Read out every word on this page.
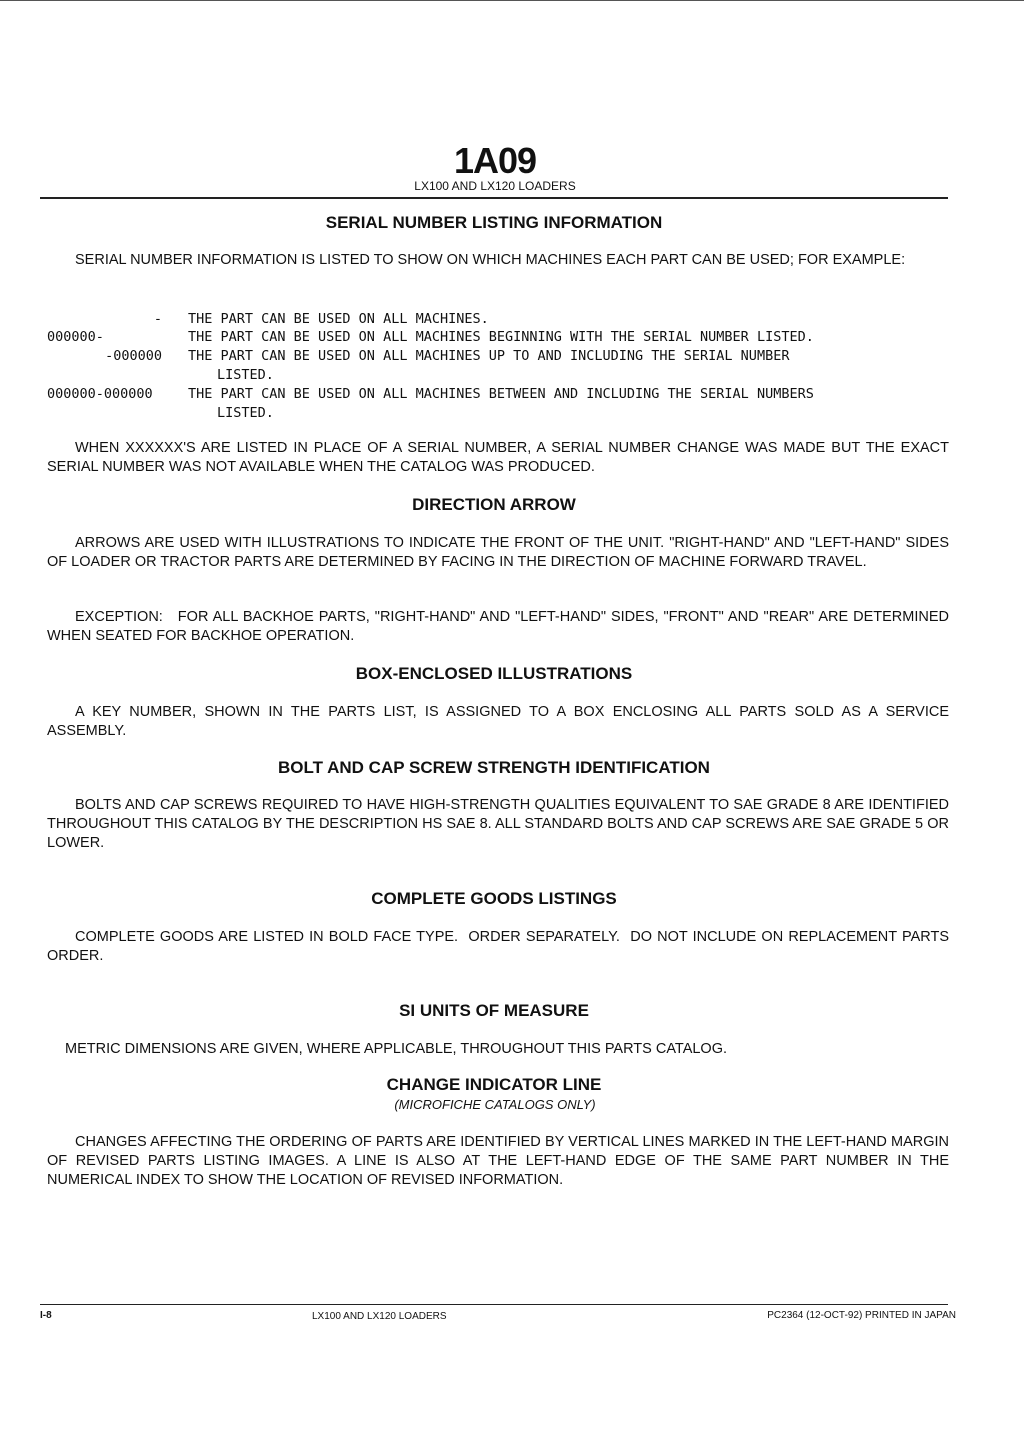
1A09
LX100 AND LX120 LOADERS
SERIAL NUMBER LISTING INFORMATION
SERIAL NUMBER INFORMATION IS LISTED TO SHOW ON WHICH MACHINES EACH PART CAN BE USED; FOR EXAMPLE:
- THE PART CAN BE USED ON ALL MACHINES.
000000-	THE PART CAN BE USED ON ALL MACHINES BEGINNING WITH THE SERIAL NUMBER LISTED.
-000000 THE PART CAN BE USED ON ALL MACHINES UP TO AND INCLUDING THE SERIAL NUMBER
LISTED.
000000-000000	THE PART CAN BE USED ON ALL MACHINES BETWEEN AND INCLUDING THE SERIAL NUMBERS
LISTED.
WHEN XXXXXX'S ARE LISTED IN PLACE OF A SERIAL NUMBER, A SERIAL NUMBER CHANGE WAS MADE BUT THE EXACT SERIAL NUMBER WAS NOT AVAILABLE WHEN THE CATALOG WAS PRODUCED.
DIRECTION ARROW
ARROWS ARE USED WITH ILLUSTRATIONS TO INDICATE THE FRONT OF THE UNIT. "RIGHT-HAND" AND "LEFT-HAND" SIDES OF LOADER OR TRACTOR PARTS ARE DETERMINED BY FACING IN THE DIRECTION OF MACHINE FORWARD TRAVEL.
EXCEPTION:   FOR ALL BACKHOE PARTS, "RIGHT-HAND" AND "LEFT-HAND" SIDES, "FRONT" AND "REAR" ARE DETERMINED WHEN SEATED FOR BACKHOE OPERATION.
BOX-ENCLOSED ILLUSTRATIONS
A KEY NUMBER, SHOWN IN THE PARTS LIST, IS ASSIGNED TO A BOX ENCLOSING ALL PARTS SOLD AS A SERVICE ASSEMBLY.
BOLT AND CAP SCREW STRENGTH IDENTIFICATION
BOLTS AND CAP SCREWS REQUIRED TO HAVE HIGH-STRENGTH QUALITIES EQUIVALENT TO SAE GRADE 8 ARE IDENTIFIED THROUGHOUT THIS CATALOG BY THE DESCRIPTION HS SAE 8. ALL STANDARD BOLTS AND CAP SCREWS ARE SAE GRADE 5 OR LOWER.
COMPLETE GOODS LISTINGS
COMPLETE GOODS ARE LISTED IN BOLD FACE TYPE.  ORDER SEPARATELY.  DO NOT INCLUDE ON REPLACEMENT PARTS ORDER.
SI UNITS OF MEASURE
METRIC DIMENSIONS ARE GIVEN, WHERE APPLICABLE, THROUGHOUT THIS PARTS CATALOG.
CHANGE INDICATOR LINE
(MICROFICHE CATALOGS ONLY)
CHANGES AFFECTING THE ORDERING OF PARTS ARE IDENTIFIED BY VERTICAL LINES MARKED IN THE LEFT-HAND MARGIN OF REVISED PARTS LISTING IMAGES. A LINE IS ALSO AT THE LEFT-HAND EDGE OF THE SAME PART NUMBER IN THE NUMERICAL INDEX TO SHOW THE LOCATION OF REVISED INFORMATION.
I-8	LX100 AND LX120 LOADERS	PC2364 (12-OCT-92) PRINTED IN JAPAN
